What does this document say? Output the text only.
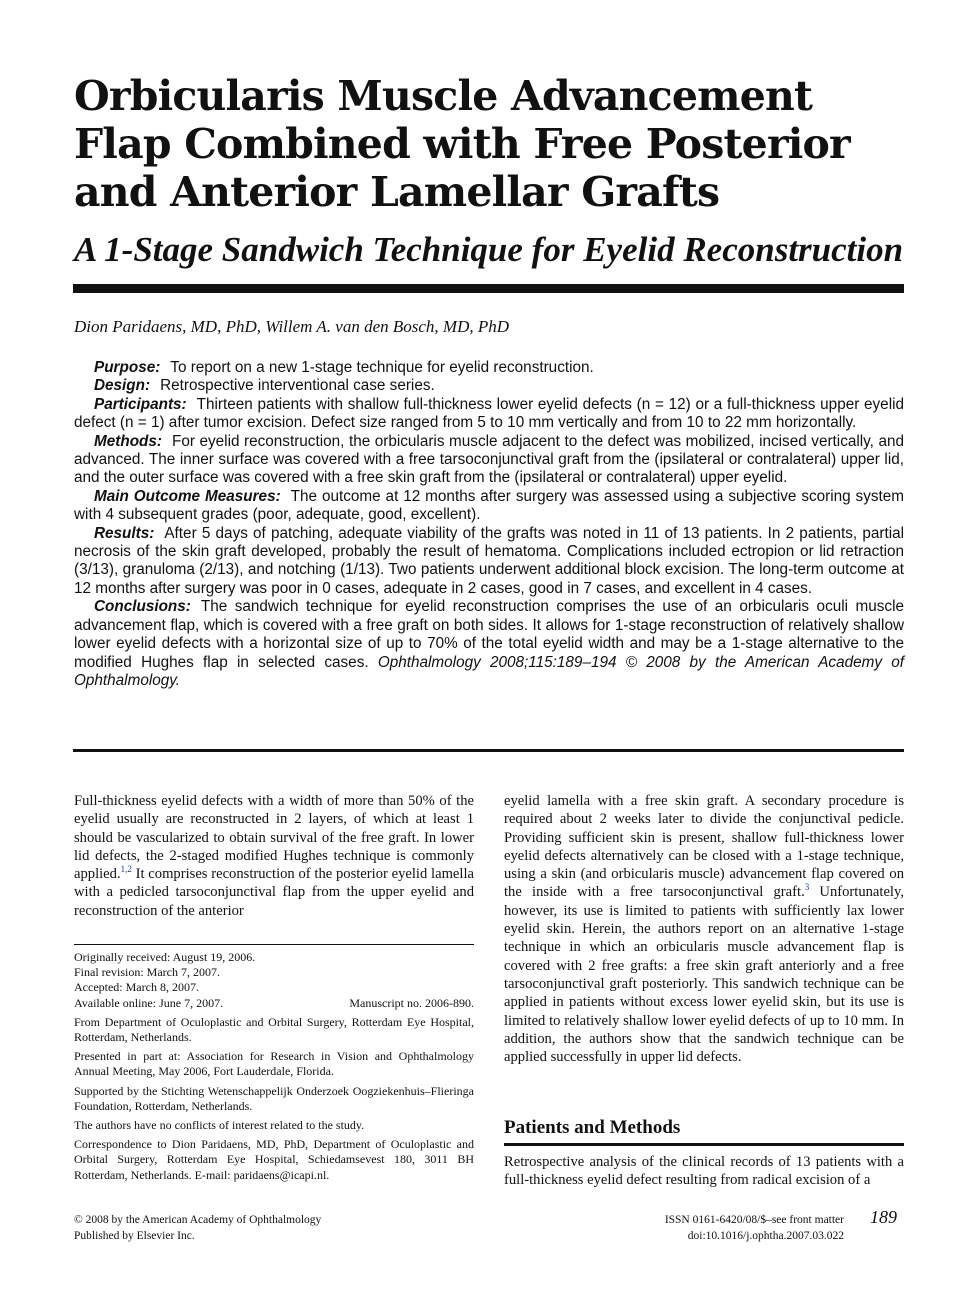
Orbicularis Muscle Advancement Flap Combined with Free Posterior and Anterior Lamellar Grafts
A 1-Stage Sandwich Technique for Eyelid Reconstruction
Dion Paridaens, MD, PhD, Willem A. van den Bosch, MD, PhD

Purpose: To report on a new 1-stage technique for eyelid reconstruction.

Design: Retrospective interventional case series.

Participants: Thirteen patients with shallow full-thickness lower eyelid defects (n = 12) or a full-thickness upper eyelid defect (n = 1) after tumor excision. Defect size ranged from 5 to 10 mm vertically and from 10 to 22 mm horizontally.

Methods: For eyelid reconstruction, the orbicularis muscle adjacent to the defect was mobilized, incised vertically, and advanced. The inner surface was covered with a free tarsoconjunctival graft from the (ipsilateral or contralateral) upper lid, and the outer surface was covered with a free skin graft from the (ipsilateral or contralateral) upper eyelid.

Main Outcome Measures: The outcome at 12 months after surgery was assessed using a subjective scoring system with 4 subsequent grades (poor, adequate, good, excellent).

Results: After 5 days of patching, adequate viability of the grafts was noted in 11 of 13 patients. In 2 patients, partial necrosis of the skin graft developed, probably the result of hematoma. Complications included ectropion or lid retraction (3/13), granuloma (2/13), and notching (1/13). Two patients underwent additional block excision. The long-term outcome at 12 months after surgery was poor in 0 cases, adequate in 2 cases, good in 7 cases, and excellent in 4 cases.

Conclusions: The sandwich technique for eyelid reconstruction comprises the use of an orbicularis oculi muscle advancement flap, which is covered with a free graft on both sides. It allows for 1-stage reconstruction of relatively shallow lower eyelid defects with a horizontal size of up to 70% of the total eyelid width and may be a 1-stage alternative to the modified Hughes flap in selected cases. Ophthalmology 2008;115:189–194 © 2008 by the American Academy of Ophthalmology.

Full-thickness eyelid defects with a width of more than 50% of the eyelid usually are reconstructed in 2 layers, of which at least 1 should be vascularized to obtain survival of the free graft. In lower lid defects, the 2-staged modified Hughes technique is commonly applied.$^{1,2}$ It comprises reconstruction of the posterior eyelid lamella with a pedicled tarsoconjunctival flap from the upper eyelid and reconstruction of the anterior

Originally received: August 19, 2006.

Final revision: March 7, 2007.

Accepted: March 8, 2007.

Available online: June 7, 2007.	Manuscript no. 2006-890.

From Department of Oculoplastic and Orbital Surgery, Rotterdam Eye Hospital, Rotterdam, Netherlands.

Presented in part at: Association for Research in Vision and Ophthalmology Annual Meeting, May 2006, Fort Lauderdale, Florida.

Supported by the Stichting Wetenschappelijk Onderzoek Oogziekenhuis–Flieringa Foundation, Rotterdam, Netherlands.

The authors have no conflicts of interest related to the study.

Correspondence to Dion Paridaens, MD, PhD, Department of Oculoplastic and Orbital Surgery, Rotterdam Eye Hospital, Schiedamsevest 180, 3011 BH Rotterdam, Netherlands. E-mail: paridaens@icapi.nl.

eyelid lamella with a free skin graft. A secondary procedure is required about 2 weeks later to divide the conjunctival pedicle. Providing sufficient skin is present, shallow full-thickness lower eyelid defects alternatively can be closed with a 1-stage technique, using a skin (and orbicularis muscle) advancement flap covered on the inside with a free tarsoconjunctival graft.$^3$ Unfortunately, however, its use is limited to patients with sufficiently lax lower eyelid skin. Herein, the authors report on an alternative 1-stage technique in which an orbicularis muscle advancement flap is covered with 2 free grafts: a free skin graft anteriorly and a free tarsoconjunctival graft posteriorly. This sandwich technique can be applied in patients without excess lower eyelid skin, but its use is limited to relatively shallow lower eyelid defects of up to 10 mm. In addition, the authors show that the sandwich technique can be applied successfully in upper lid defects.

Patients and Methods

Retrospective analysis of the clinical records of 13 patients with a full-thickness eyelid defect resulting from radical excision of a

© 2008 by the American Academy of Ophthalmology
Published by Elsevier Inc.
ISSN 0161-6420/08/$–see front matter
doi:10.1016/j.ophtha.2007.03.022
189
